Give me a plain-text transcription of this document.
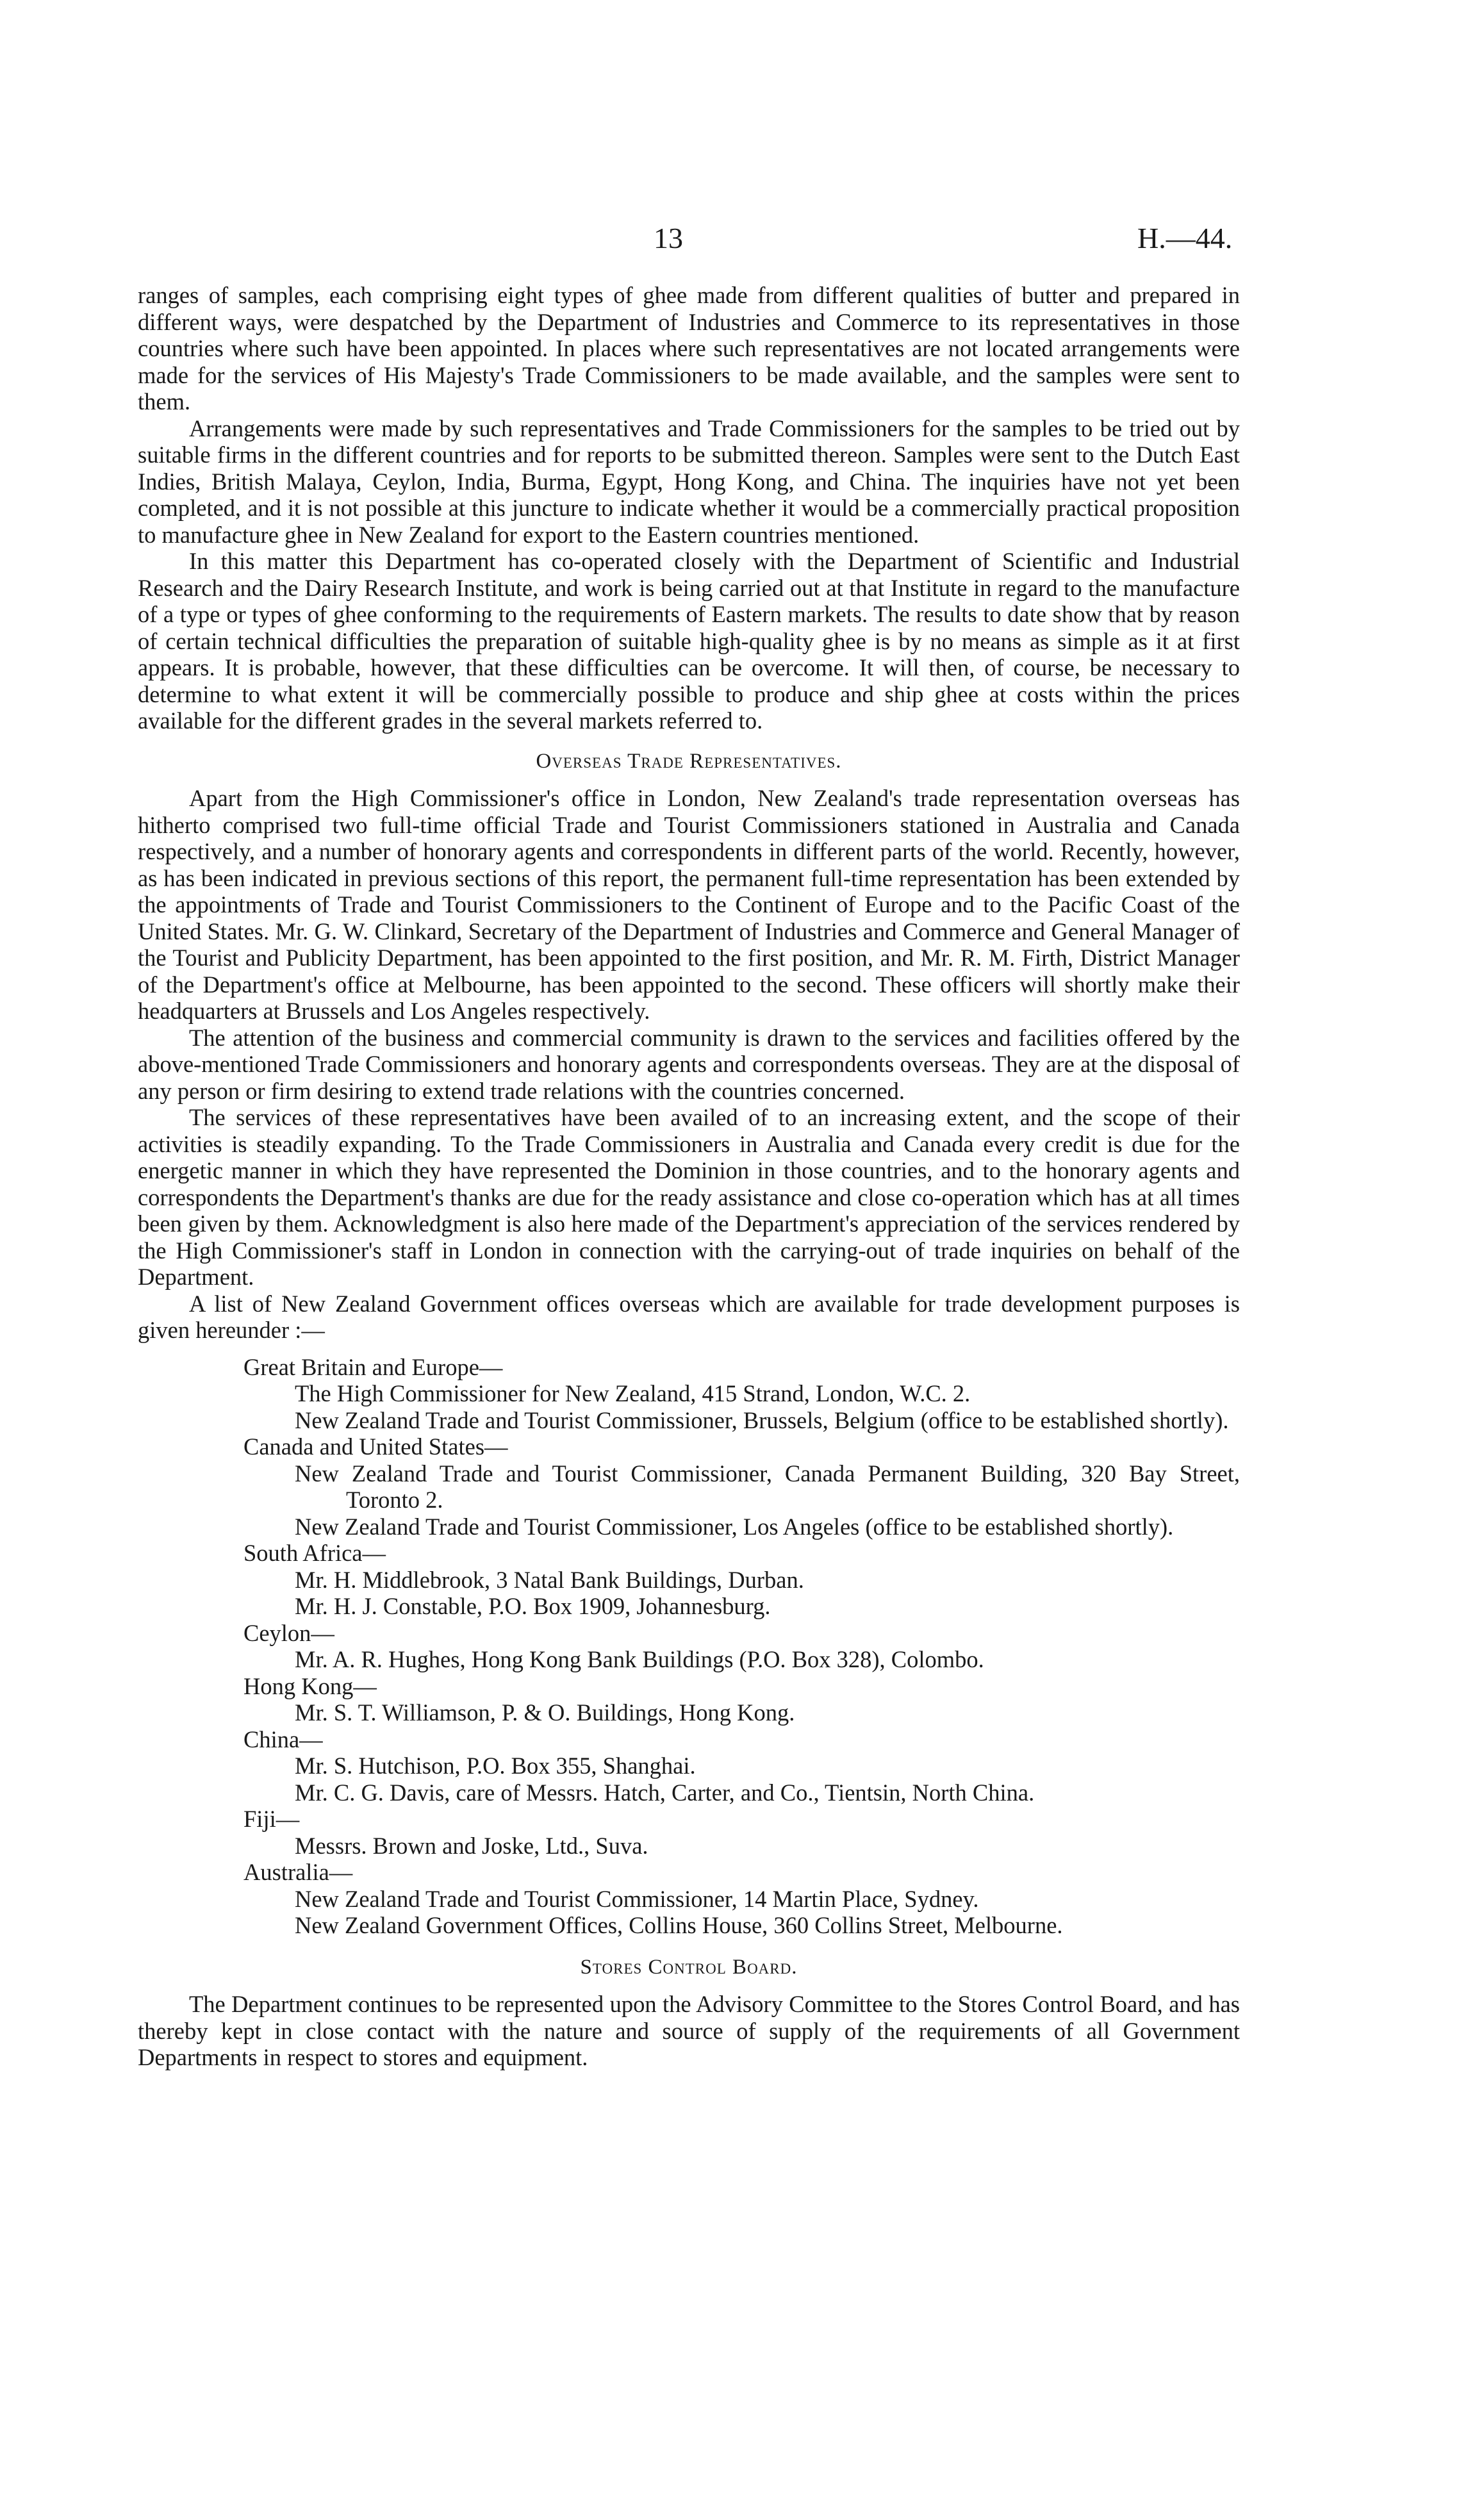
13	H.—44.

ranges of samples, each comprising eight types of ghee made from different qualities of butter and prepared in different ways, were despatched by the Department of Industries and Commerce to its representatives in those countries where such have been appointed. In places where such representatives are not located arrangements were made for the services of His Majesty's Trade Commissioners to be made available, and the samples were sent to them.

Arrangements were made by such representatives and Trade Commissioners for the samples to be tried out by suitable firms in the different countries and for reports to be submitted thereon. Samples were sent to the Dutch East Indies, British Malaya, Ceylon, India, Burma, Egypt, Hong Kong, and China. The inquiries have not yet been completed, and it is not possible at this juncture to indicate whether it would be a commercially practical proposition to manufacture ghee in New Zealand for export to the Eastern countries mentioned.

In this matter this Department has co-operated closely with the Department of Scientific and Industrial Research and the Dairy Research Institute, and work is being carried out at that Institute in regard to the manufacture of a type or types of ghee conforming to the requirements of Eastern markets. The results to date show that by reason of certain technical difficulties the preparation of suitable high-quality ghee is by no means as simple as it at first appears. It is probable, however, that these difficulties can be overcome. It will then, of course, be necessary to determine to what extent it will be commercially possible to produce and ship ghee at costs within the prices available for the different grades in the several markets referred to.

Overseas Trade Representatives.

Apart from the High Commissioner's office in London, New Zealand's trade representation overseas has hitherto comprised two full-time official Trade and Tourist Commissioners stationed in Australia and Canada respectively, and a number of honorary agents and correspondents in different parts of the world. Recently, however, as has been indicated in previous sections of this report, the permanent full-time representation has been extended by the appointments of Trade and Tourist Commissioners to the Continent of Europe and to the Pacific Coast of the United States. Mr. G. W. Clinkard, Secretary of the Department of Industries and Commerce and General Manager of the Tourist and Publicity Department, has been appointed to the first position, and Mr. R. M. Firth, District Manager of the Department's office at Melbourne, has been appointed to the second. These officers will shortly make their headquarters at Brussels and Los Angeles respectively.

The attention of the business and commercial community is drawn to the services and facilities offered by the above-mentioned Trade Commissioners and honorary agents and correspondents overseas. They are at the disposal of any person or firm desiring to extend trade relations with the countries concerned.

The services of these representatives have been availed of to an increasing extent, and the scope of their activities is steadily expanding. To the Trade Commissioners in Australia and Canada every credit is due for the energetic manner in which they have represented the Dominion in those countries, and to the honorary agents and correspondents the Department's thanks are due for the ready assistance and close co-operation which has at all times been given by them. Acknowledgment is also here made of the Department's appreciation of the services rendered by the High Commissioner's staff in London in connection with the carrying-out of trade inquiries on behalf of the Department.

A list of New Zealand Government offices overseas which are available for trade development purposes is given hereunder :—

Great Britain and Europe—
The High Commissioner for New Zealand, 415 Strand, London, W.C. 2.
New Zealand Trade and Tourist Commissioner, Brussels, Belgium (office to be established shortly).
Canada and United States—
New Zealand Trade and Tourist Commissioner, Canada Permanent Building, 320 Bay Street, Toronto 2.
New Zealand Trade and Tourist Commissioner, Los Angeles (office to be established shortly).
South Africa—
Mr. H. Middlebrook, 3 Natal Bank Buildings, Durban.
Mr. H. J. Constable, P.O. Box 1909, Johannesburg.
Ceylon—
Mr. A. R. Hughes, Hong Kong Bank Buildings (P.O. Box 328), Colombo.
Hong Kong—
Mr. S. T. Williamson, P. & O. Buildings, Hong Kong.
China—
Mr. S. Hutchison, P.O. Box 355, Shanghai.
Mr. C. G. Davis, care of Messrs. Hatch, Carter, and Co., Tientsin, North China.
Fiji—
Messrs. Brown and Joske, Ltd., Suva.
Australia—
New Zealand Trade and Tourist Commissioner, 14 Martin Place, Sydney.
New Zealand Government Offices, Collins House, 360 Collins Street, Melbourne.
Stores Control Board.

The Department continues to be represented upon the Advisory Committee to the Stores Control Board, and has thereby kept in close contact with the nature and source of supply of the requirements of all Government Departments in respect to stores and equipment.
